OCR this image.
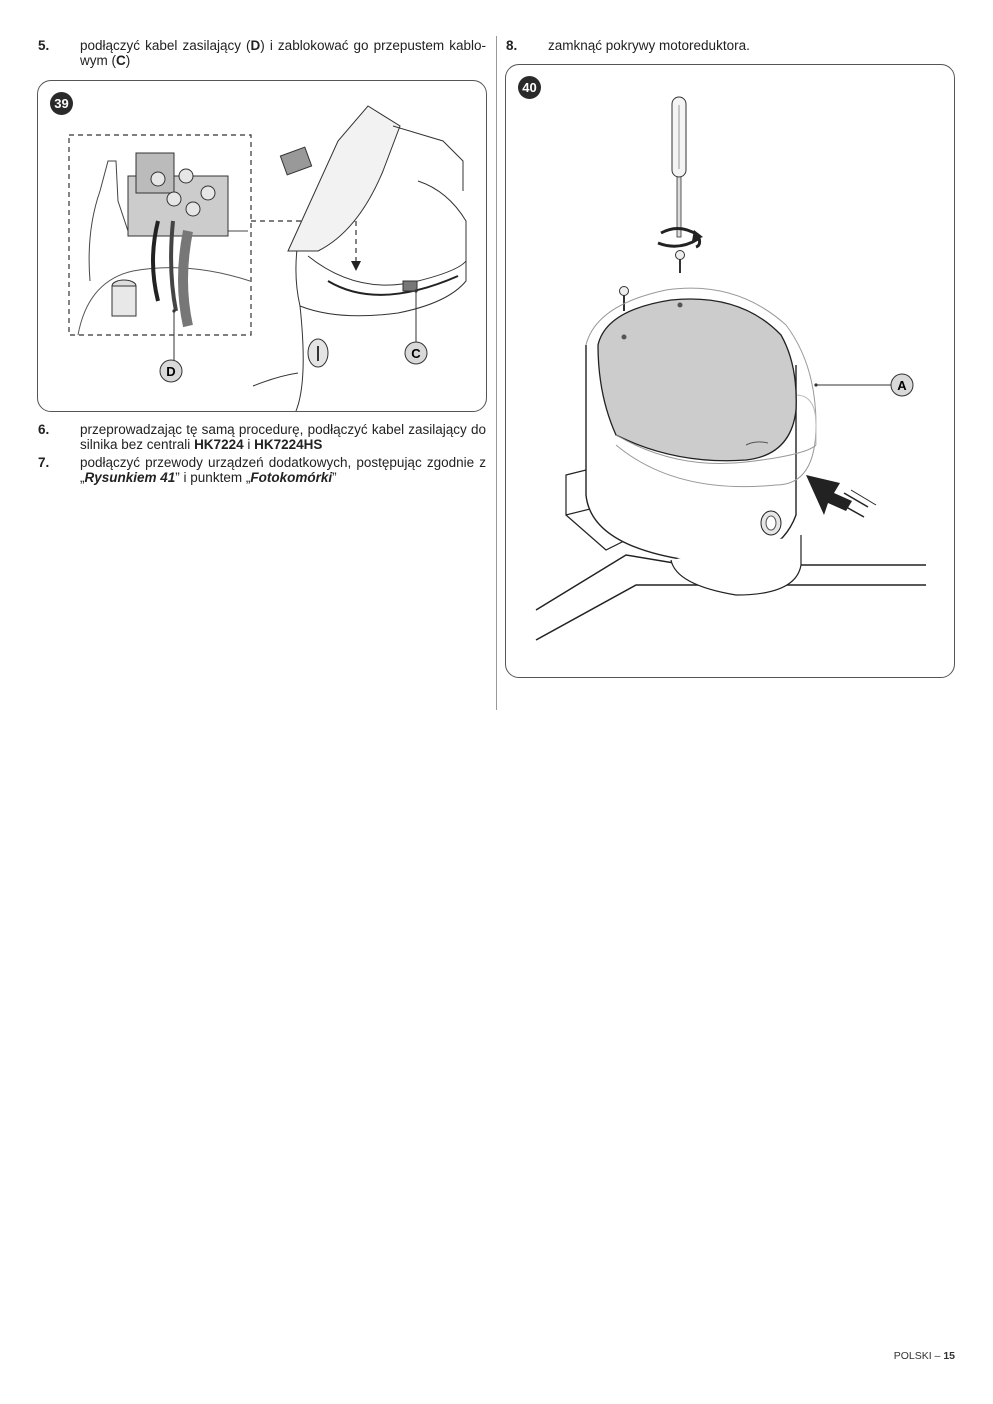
5. podłączyć kabel zasilający (D) i zablokować go przepustem kablo-wym (C)
8. zamknąć pokrywy motoreduktora.
D
C
39
6. przeprowadzając tę samą procedurę, podłączyć kabel zasilający do silnika bez centrali HK7224 i HK7224HS
7. podłączyć przewody urządzeń dodatkowych, postępując zgodnie z „Rysunkiem 41” i punktem „Fotokomórki”
A
40
POLSKI – 15
